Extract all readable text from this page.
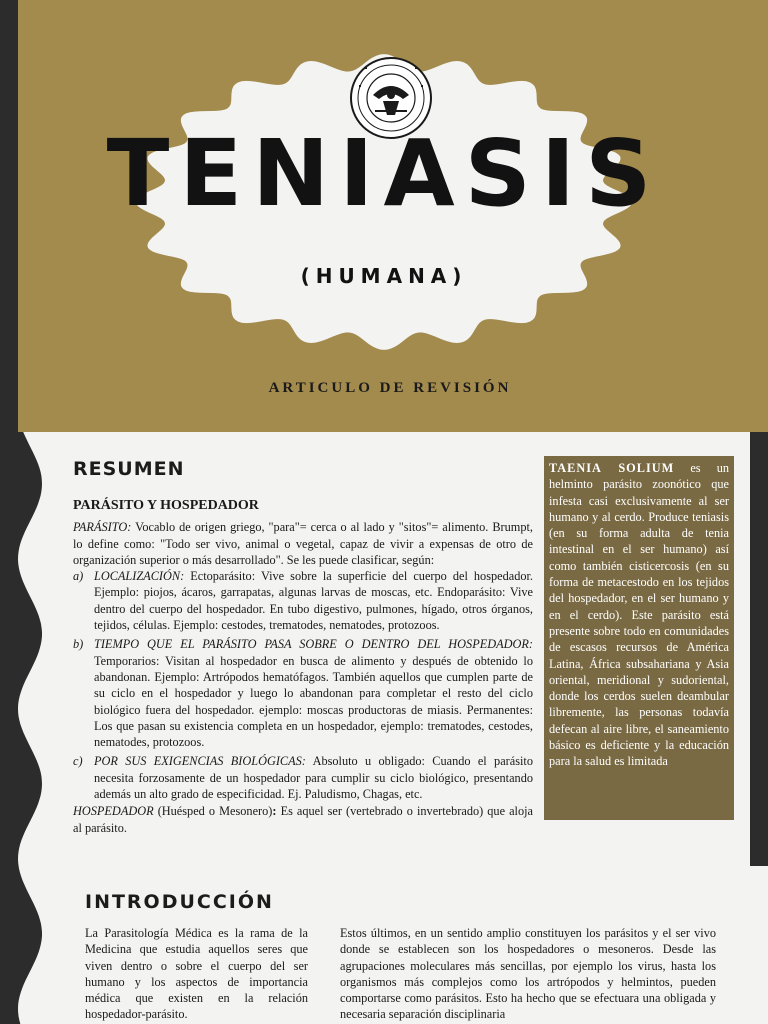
TENIASIS
(HUMANA)
ARTICULO DE REVISIÓN
RESUMEN

PARÁSITO Y HOSPEDADOR

PARÁSITO: Vocablo de origen griego, "para"= cerca o al lado y "sitos"= alimento. Brumpt, lo define como: "Todo ser vivo, animal o vegetal, capaz de vivir a expensas de otro de organización superior o más desarrollado". Se les puede clasificar, según:

a) LOCALIZACIÓN: Ectoparásito: Vive sobre la superficie del cuerpo del hospedador. Ejemplo: piojos, ácaros, garrapatas, algunas larvas de moscas, etc. Endoparásito: Vive dentro del cuerpo del hospedador. En tubo digestivo, pulmones, hígado, otros órganos, tejidos, células. Ejemplo: cestodes, trematodes, nematodes, protozoos.
b) TIEMPO QUE EL PARÁSITO PASA SOBRE O DENTRO DEL HOSPEDADOR: Temporarios: Visitan al hospedador en busca de alimento y después de obtenido lo abandonan. Ejemplo: Artrópodos hematófagos. También aquellos que cumplen parte de su ciclo en el hospedador y luego lo abandonan para completar el resto del ciclo biológico fuera del hospedador. ejemplo: moscas productoras de miasis. Permanentes: Los que pasan su existencia completa en un hospedador, ejemplo: trematodes, cestodes, nematodes, protozoos.
c) POR SUS EXIGENCIAS BIOLÓGICAS: Absoluto u obligado: Cuando el parásito necesita forzosamente de un hospedador para cumplir su ciclo biológico, presentando además un alto grado de especificidad. Ej. Paludismo, Chagas, etc.

HOSPEDADOR (Huésped o Mesonero): Es aquel ser (vertebrado o invertebrado) que aloja al parásito.

TAENIA SOLIUM es un helminto parásito zoonótico que infesta casi exclusivamente al ser humano y al cerdo. Produce teniasis (en su forma adulta de tenia intestinal en el ser humano) así como también cisticercosis (en su forma de metacestodo en los tejidos del hospedador, en el ser humano y en el cerdo). Este parásito está presente sobre todo en comunidades de escasos recursos de América Latina, África subsahariana y Asia oriental, meridional y sudoriental, donde los cerdos suelen deambular libremente, las personas todavía defecan al aire libre, el saneamiento básico es deficiente y la educación para la salud es limitada
INTRODUCCIÓN

La Parasitología Médica es la rama de la Medicina que estudia aquellos seres que viven dentro o sobre el cuerpo del ser humano y los aspectos de importancia médica que existen en la relación hospedador-parásito.

Estos últimos, en un sentido amplio constituyen los parásitos y el ser vivo donde se establecen son los hospedadores o mesoneros. Desde las agrupaciones moleculares más sencillas, por ejemplo los virus, hasta los organismos más complejos como los artrópodos y helmintos, pueden comportarse como parásitos. Esto ha hecho que se efectuara una obligada y necesaria separación disciplinaria
